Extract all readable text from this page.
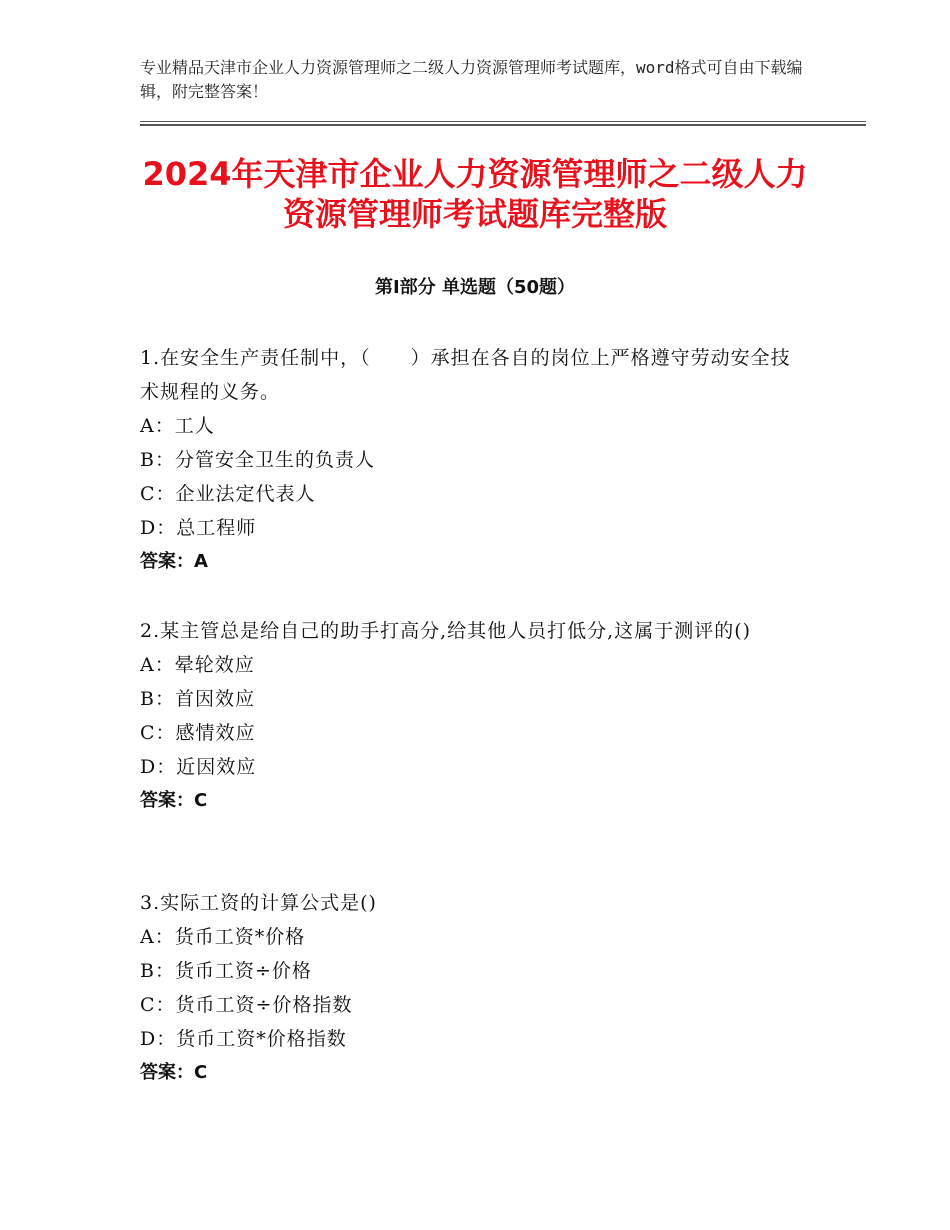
专业精品天津市企业人力资源管理师之二级人力资源管理师考试题库，word格式可自由下载编辑，附完整答案！
2024年天津市企业人力资源管理师之二级人力资源管理师考试题库完整版
第Ⅰ部分 单选题（50题）
1.在安全生产责任制中，（　　）承担在各自的岗位上严格遵守劳动安全技术规程的义务。
A：工人
B：分管安全卫生的负责人
C：企业法定代表人
D：总工程师
答案：A
2.某主管总是给自己的助手打高分,给其他人员打低分,这属于测评的()
A：晕轮效应
B：首因效应
C：感情效应
D：近因效应
答案：C
3.实际工资的计算公式是()
A：货币工资*价格
B：货币工资÷价格
C：货币工资÷价格指数
D：货币工资*价格指数
答案：C
